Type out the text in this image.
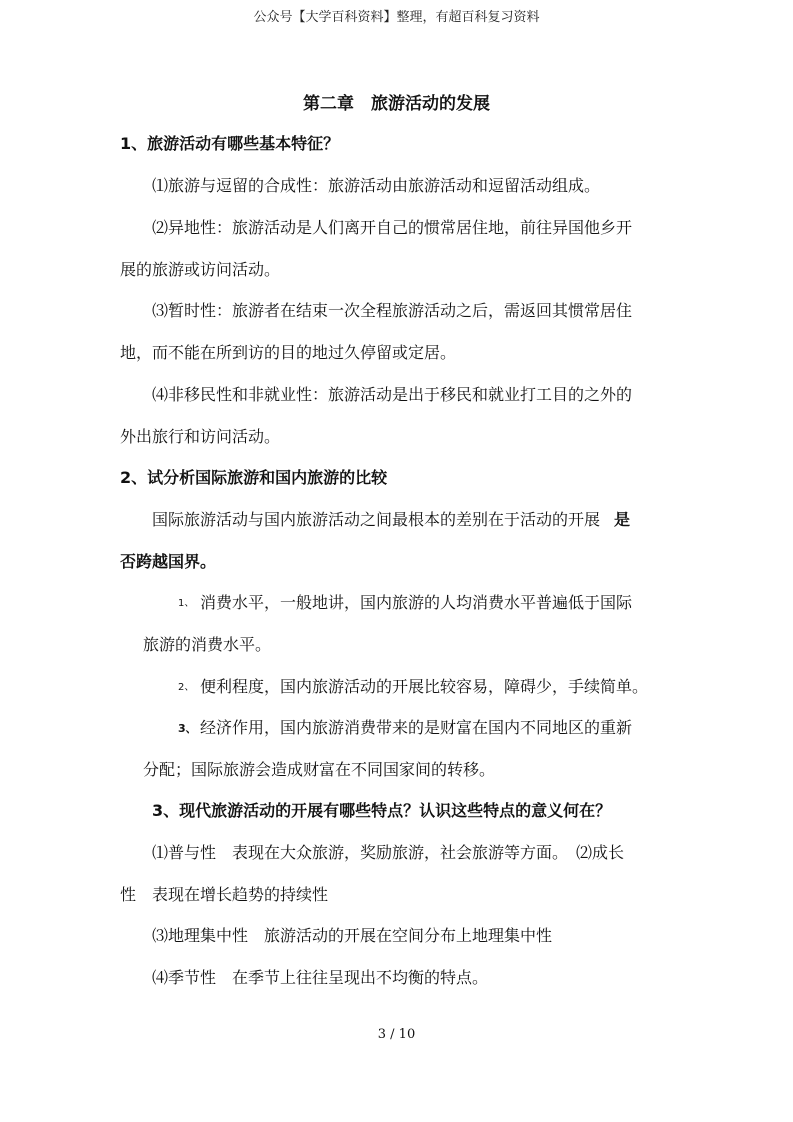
公众号【大学百科资料】整理，有超百科复习资料
第二章　旅游活动的发展
1、旅游活动有哪些基本特征？
⑴旅游与逗留的合成性：旅游活动由旅游活动和逗留活动组成。
⑵异地性：旅游活动是人们离开自己的惯常居住地，前往异国他乡开
展的旅游或访问活动。
⑶暂时性：旅游者在结束一次全程旅游活动之后，需返回其惯常居住
地，而不能在所到访的目的地过久停留或定居。
⑷非移民性和非就业性：旅游活动是出于移民和就业打工目的之外的
外出旅行和访问活动。
2、试分析国际旅游和国内旅游的比较
国际旅游活动与国内旅游活动之间最根本的差别在于活动的开展 是
否跨越国界。
1、 消费水平，一般地讲，国内旅游的人均消费水平普遍低于国际
旅游的消费水平。
2、 便利程度，国内旅游活动的开展比较容易，障碍少，手续简单。
3、 经济作用，国内旅游消费带来的是财富在国内不同地区的重新
分配；国际旅游会造成财富在不同国家间的转移。
3、现代旅游活动的开展有哪些特点？认识这些特点的意义何在？
⑴普与性　表现在大众旅游，奖励旅游，社会旅游等方面。　⑵成长
性　表现在增长趋势的持续性
⑶地理集中性　旅游活动的开展在空间分布上地理集中性
⑷季节性　在季节上往往呈现出不均衡的特点。
3 / 10
